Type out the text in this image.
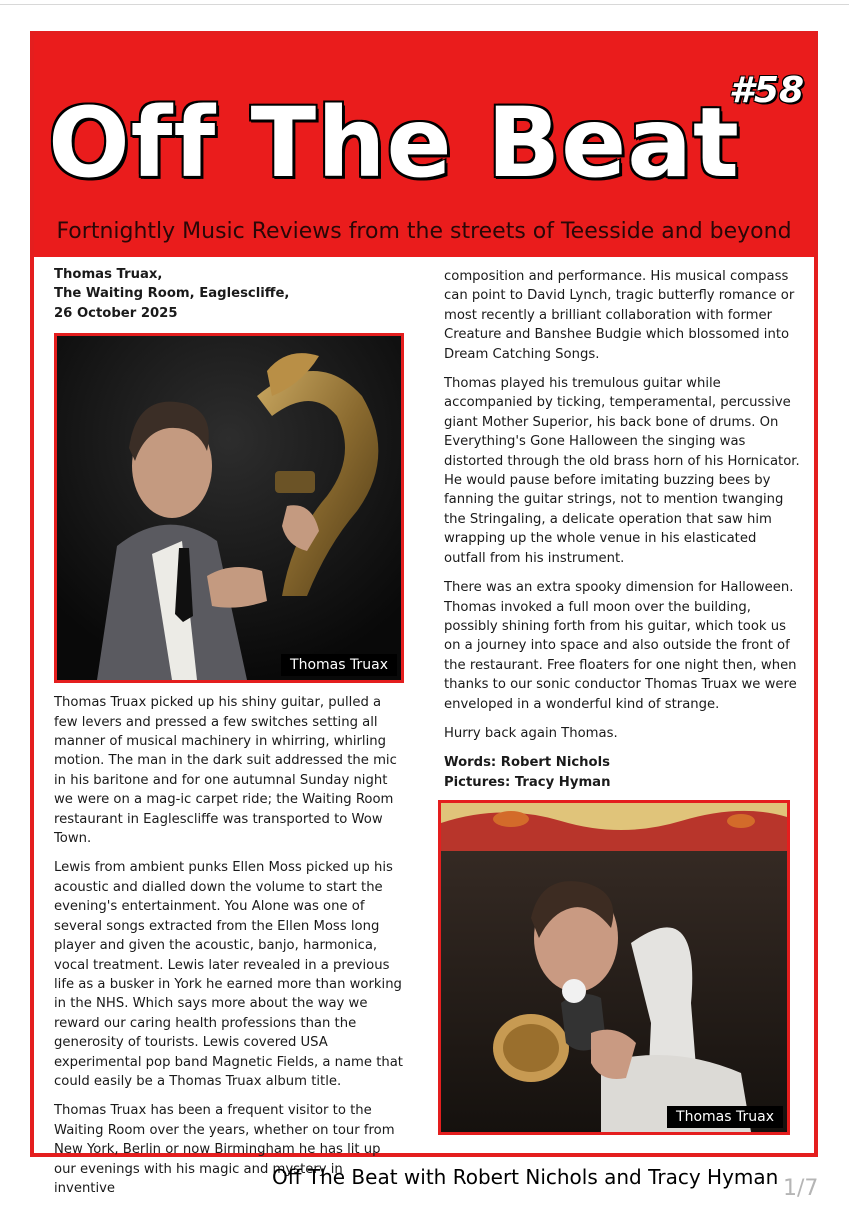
#58
Off The Beat
Fortnightly Music Reviews from the streets of Teesside and beyond
Thomas Truax,
The Waiting Room, Eaglescliffe,
26 October 2025
Thomas Truax

Thomas Truax picked up his shiny guitar, pulled a few levers and pressed a few switches setting all manner of musical machinery in whirring, whirling motion. The man in the dark suit addressed the mic in his baritone and for one autumnal Sunday night we were on a mag-ic carpet ride; the Waiting Room restaurant in Eaglescliffe was transported to Wow Town.

Lewis from ambient punks Ellen Moss picked up his acoustic and dialled down the volume to start the evening's entertainment. You Alone was one of several songs extracted from the Ellen Moss long player and given the acoustic, banjo, harmonica, vocal treatment. Lewis later revealed in a previous life as a busker in York he earned more than working in the NHS. Which says more about the way we reward our caring health professions than the generosity of tourists. Lewis covered USA experimental pop band Magnetic Fields, a name that could easily be a Thomas Truax album title.

Thomas Truax has been a frequent visitor to the Waiting Room over the years, whether on tour from New York, Berlin or now Birmingham he has lit up our evenings with his magic and mystery in inventive

composition and performance. His musical compass can point to David Lynch, tragic butterfly romance or most recently a brilliant collaboration with former Creature and Banshee Budgie which blossomed into Dream Catching Songs.

Thomas played his tremulous guitar while accompanied by ticking, temperamental, percussive giant Mother Superior, his back bone of drums. On Everything's Gone Halloween the singing was distorted through the old brass horn of his Hornicator. He would pause before imitating buzzing bees by fanning the guitar strings, not to mention twanging the Stringaling, a delicate operation that saw him wrapping up the whole venue in his elasticated outfall from his instrument.

There was an extra spooky dimension for Halloween. Thomas invoked a full moon over the building, possibly shining forth from his guitar, which took us on a journey into space and also outside the front of the restaurant. Free floaters for one night then, when thanks to our sonic conductor Thomas Truax we were enveloped in a wonderful kind of strange.

Hurry back again Thomas.

Words: Robert Nichols
Pictures: Tracy Hyman
Thomas Truax
Off The Beat with Robert Nichols and Tracy Hyman 1/7
